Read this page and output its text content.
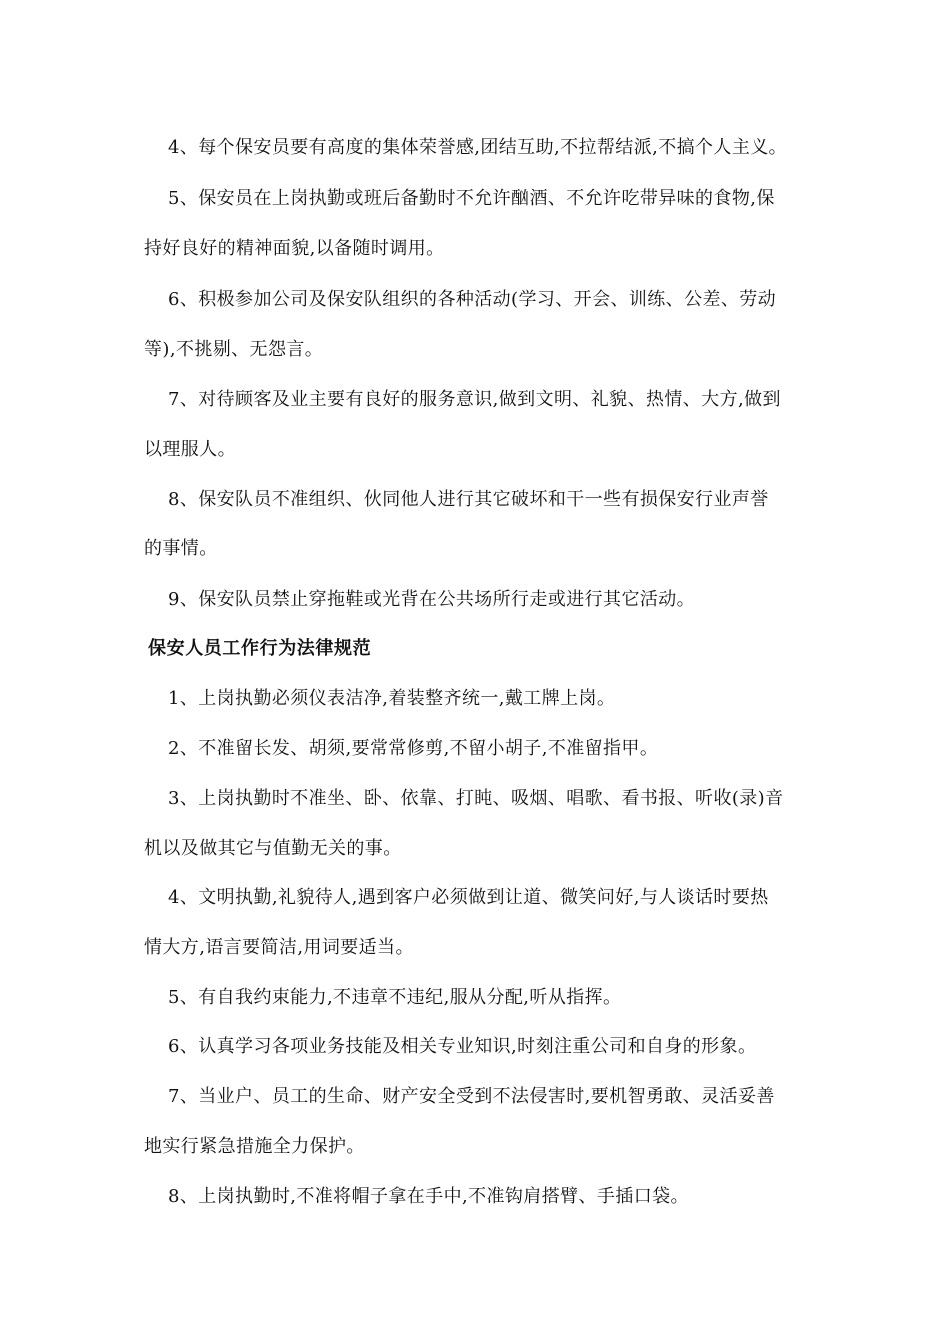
4、每个保安员要有高度的集体荣誉感,团结互助,不拉帮结派,不搞个人主义。
5、保安员在上岗执勤或班后备勤时不允许酗酒、不允许吃带异味的食物,保
持好良好的精神面貌,以备随时调用。
6、积极参加公司及保安队组织的各种活动(学习、开会、训练、公差、劳动
等),不挑剔、无怨言。
7、对待顾客及业主要有良好的服务意识,做到文明、礼貌、热情、大方,做到
以理服人。
8、保安队员不准组织、伙同他人进行其它破坏和干一些有损保安行业声誉
的事情。
9、保安队员禁止穿拖鞋或光背在公共场所行走或进行其它活动。
保安人员工作行为法律规范
1、上岗执勤必须仪表洁净,着装整齐统一,戴工牌上岗。
2、不准留长发、胡须,要常常修剪,不留小胡子,不准留指甲。
3、上岗执勤时不准坐、卧、依靠、打盹、吸烟、唱歌、看书报、听收(录)音
机以及做其它与值勤无关的事。
4、文明执勤,礼貌待人,遇到客户必须做到让道、微笑问好,与人谈话时要热
情大方,语言要简洁,用词要适当。
5、有自我约束能力,不违章不违纪,服从分配,听从指挥。
6、认真学习各项业务技能及相关专业知识,时刻注重公司和自身的形象。
7、当业户、员工的生命、财产安全受到不法侵害时,要机智勇敢、灵活妥善
地实行紧急措施全力保护。
8、上岗执勤时,不准将帽子拿在手中,不准钩肩搭臂、手插口袋。
